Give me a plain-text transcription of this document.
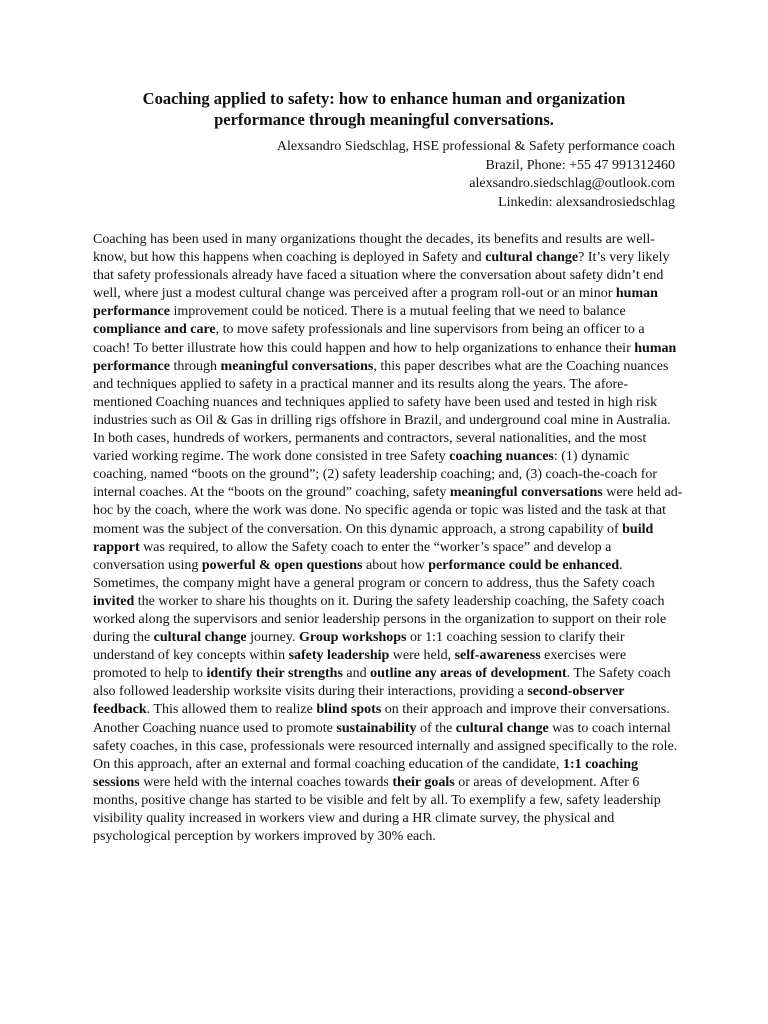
Coaching applied to safety: how to enhance human and organization
performance through meaningful conversations.
Alexsandro Siedschlag, HSE professional & Safety performance coach
Brazil, Phone: +55 47 991312460
alexsandro.siedschlag@outlook.com
Linkedin: alexsandrosiedschlag

Coaching has been used in many organizations thought the decades, its benefits and results are well-know, but how this happens when coaching is deployed in Safety and cultural change? It’s very likely that safety professionals already have faced a situation where the conversation about safety didn’t end well, where just a modest cultural change was perceived after a program roll-out or an minor human performance improvement could be noticed. There is a mutual feeling that we need to balance compliance and care, to move safety professionals and line supervisors from being an officer to a coach! To better illustrate how this could happen and how to help organizations to enhance their human performance through meaningful conversations, this paper describes what are the Coaching nuances and techniques applied to safety in a practical manner and its results along the years. The afore-mentioned Coaching nuances and techniques applied to safety have been used and tested in high risk industries such as Oil & Gas in drilling rigs offshore in Brazil, and underground coal mine in Australia. In both cases, hundreds of workers, permanents and contractors, several nationalities, and the most varied working regime. The work done consisted in tree Safety coaching nuances: (1) dynamic coaching, named “boots on the ground”; (2) safety leadership coaching; and, (3) coach-the-coach for internal coaches. At the “boots on the ground” coaching, safety meaningful conversations were held ad-hoc by the coach, where the work was done. No specific agenda or topic was listed and the task at that moment was the subject of the conversation. On this dynamic approach, a strong capability of build rapport was required, to allow the Safety coach to enter the “worker’s space” and develop a conversation using powerful & open questions about how performance could be enhanced. Sometimes, the company might have a general program or concern to address, thus the Safety coach invited the worker to share his thoughts on it. During the safety leadership coaching, the Safety coach worked along the supervisors and senior leadership persons in the organization to support on their role during the cultural change journey. Group workshops or 1:1 coaching session to clarify their understand of key concepts within safety leadership were held, self-awareness exercises were promoted to help to identify their strengths and outline any areas of development. The Safety coach also followed leadership worksite visits during their interactions, providing a second-observer feedback. This allowed them to realize blind spots on their approach and improve their conversations. Another Coaching nuance used to promote sustainability of the cultural change was to coach internal safety coaches, in this case, professionals were resourced internally and assigned specifically to the role. On this approach, after an external and formal coaching education of the candidate, 1:1 coaching sessions were held with the internal coaches towards their goals or areas of development. After 6 months, positive change has started to be visible and felt by all. To exemplify a few, safety leadership visibility quality increased in workers view and during a HR climate survey, the physical and psychological perception by workers improved by 30% each.
